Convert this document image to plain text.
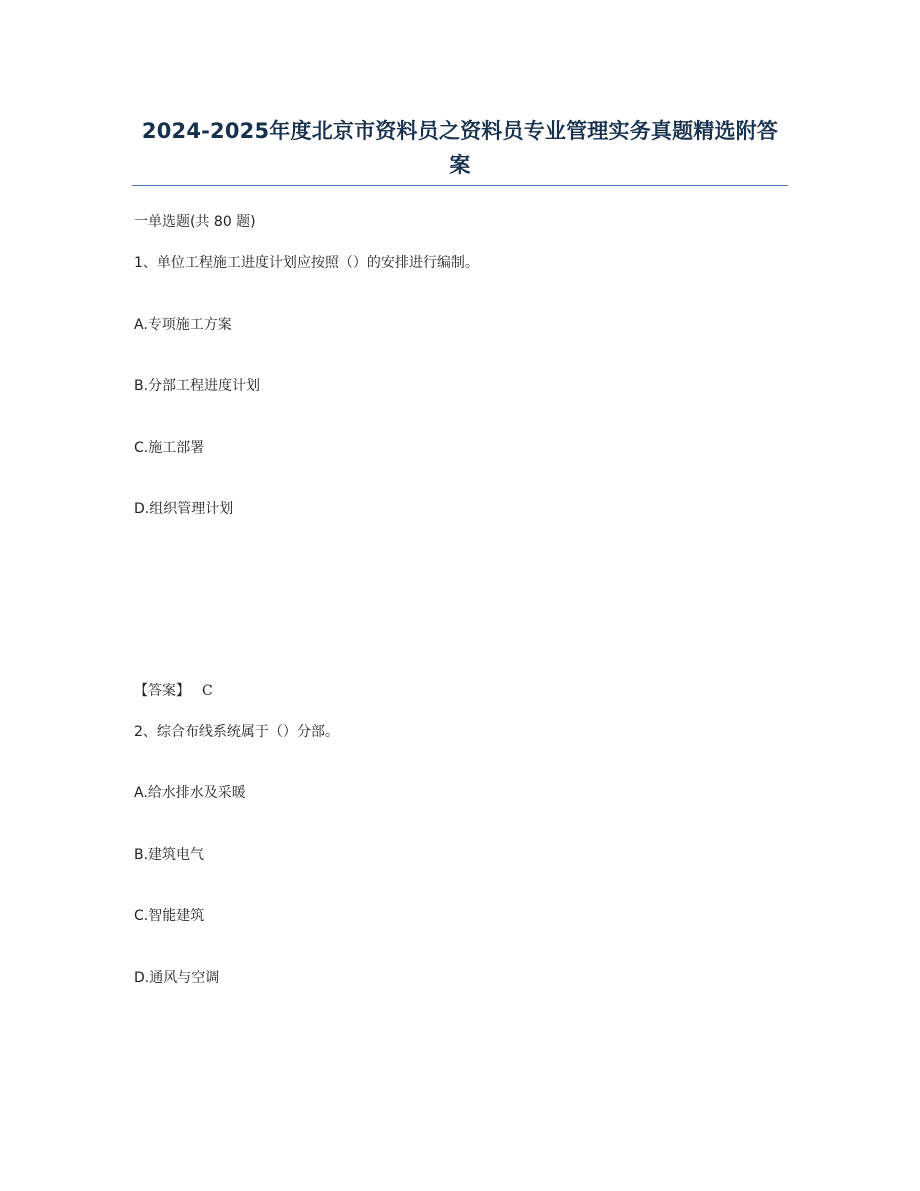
2024-2025年度北京市资料员之资料员专业管理实务真题精选附答案
一单选题(共 80 题)
1、单位工程施工进度计划应按照（）的安排进行编制。
A.专项施工方案
B.分部工程进度计划
C.施工部署
D.组织管理计划
【答案】 C
2、综合布线系统属于（）分部。
A.给水排水及采暖
B.建筑电气
C.智能建筑
D.通风与空调
